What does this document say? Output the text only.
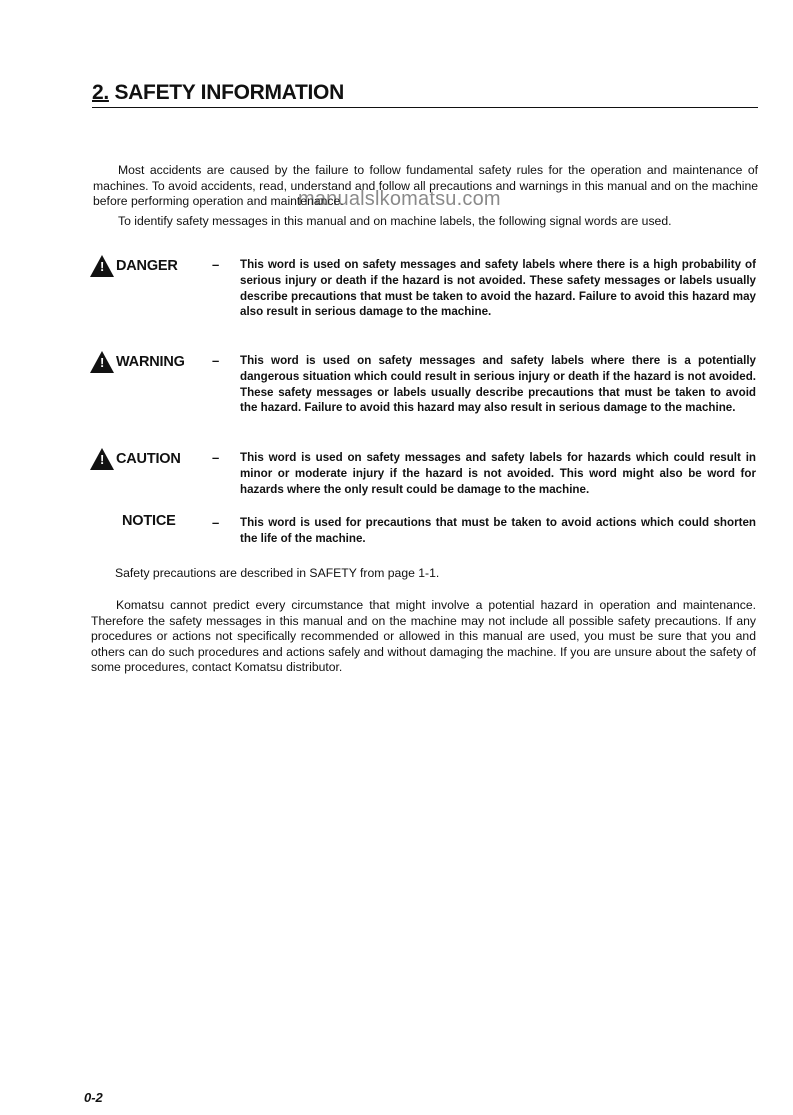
2. SAFETY INFORMATION
Most accidents are caused by the failure to follow fundamental safety rules for the operation and maintenance of machines. To avoid accidents, read, understand and follow all precautions and warnings in this manual and on the machine before performing operation and maintenance.
manualslkomatsu.com
To identify safety messages in this manual and on machine labels, the following signal words are used.
! DANGER	– This word is used on safety messages and safety labels where there is a high probability of serious injury or death if the hazard is not avoided. These safety messages or labels usually describe precautions that must be taken to avoid the hazard. Failure to avoid this hazard may also result in serious damage to the machine.
! WARNING – This word is used on safety messages and safety labels where there is a potentially dangerous situation which could result in serious injury or death if the hazard is not avoided. These safety messages or labels usually describe precautions that must be taken to avoid the hazard. Failure to avoid this hazard may also result in serious damage to the machine.
! CAUTION – This word is used on safety messages and safety labels for hazards which could result in minor or moderate injury if the hazard is not avoided. This word might also be word for hazards where the only result could be damage to the machine.
NOTICE	– This word is used for precautions that must be taken to avoid actions which could shorten the life of the machine.
Safety precautions are described in SAFETY from page 1-1.
Komatsu cannot predict every circumstance that might involve a potential hazard in operation and maintenance. Therefore the safety messages in this manual and on the machine may not include all possible safety precautions. If any procedures or actions not specifically recommended or allowed in this manual are used, you must be sure that you and others can do such procedures and actions safely and without damaging the machine. If you are unsure about the safety of some procedures, contact Komatsu distributor.
0-2
